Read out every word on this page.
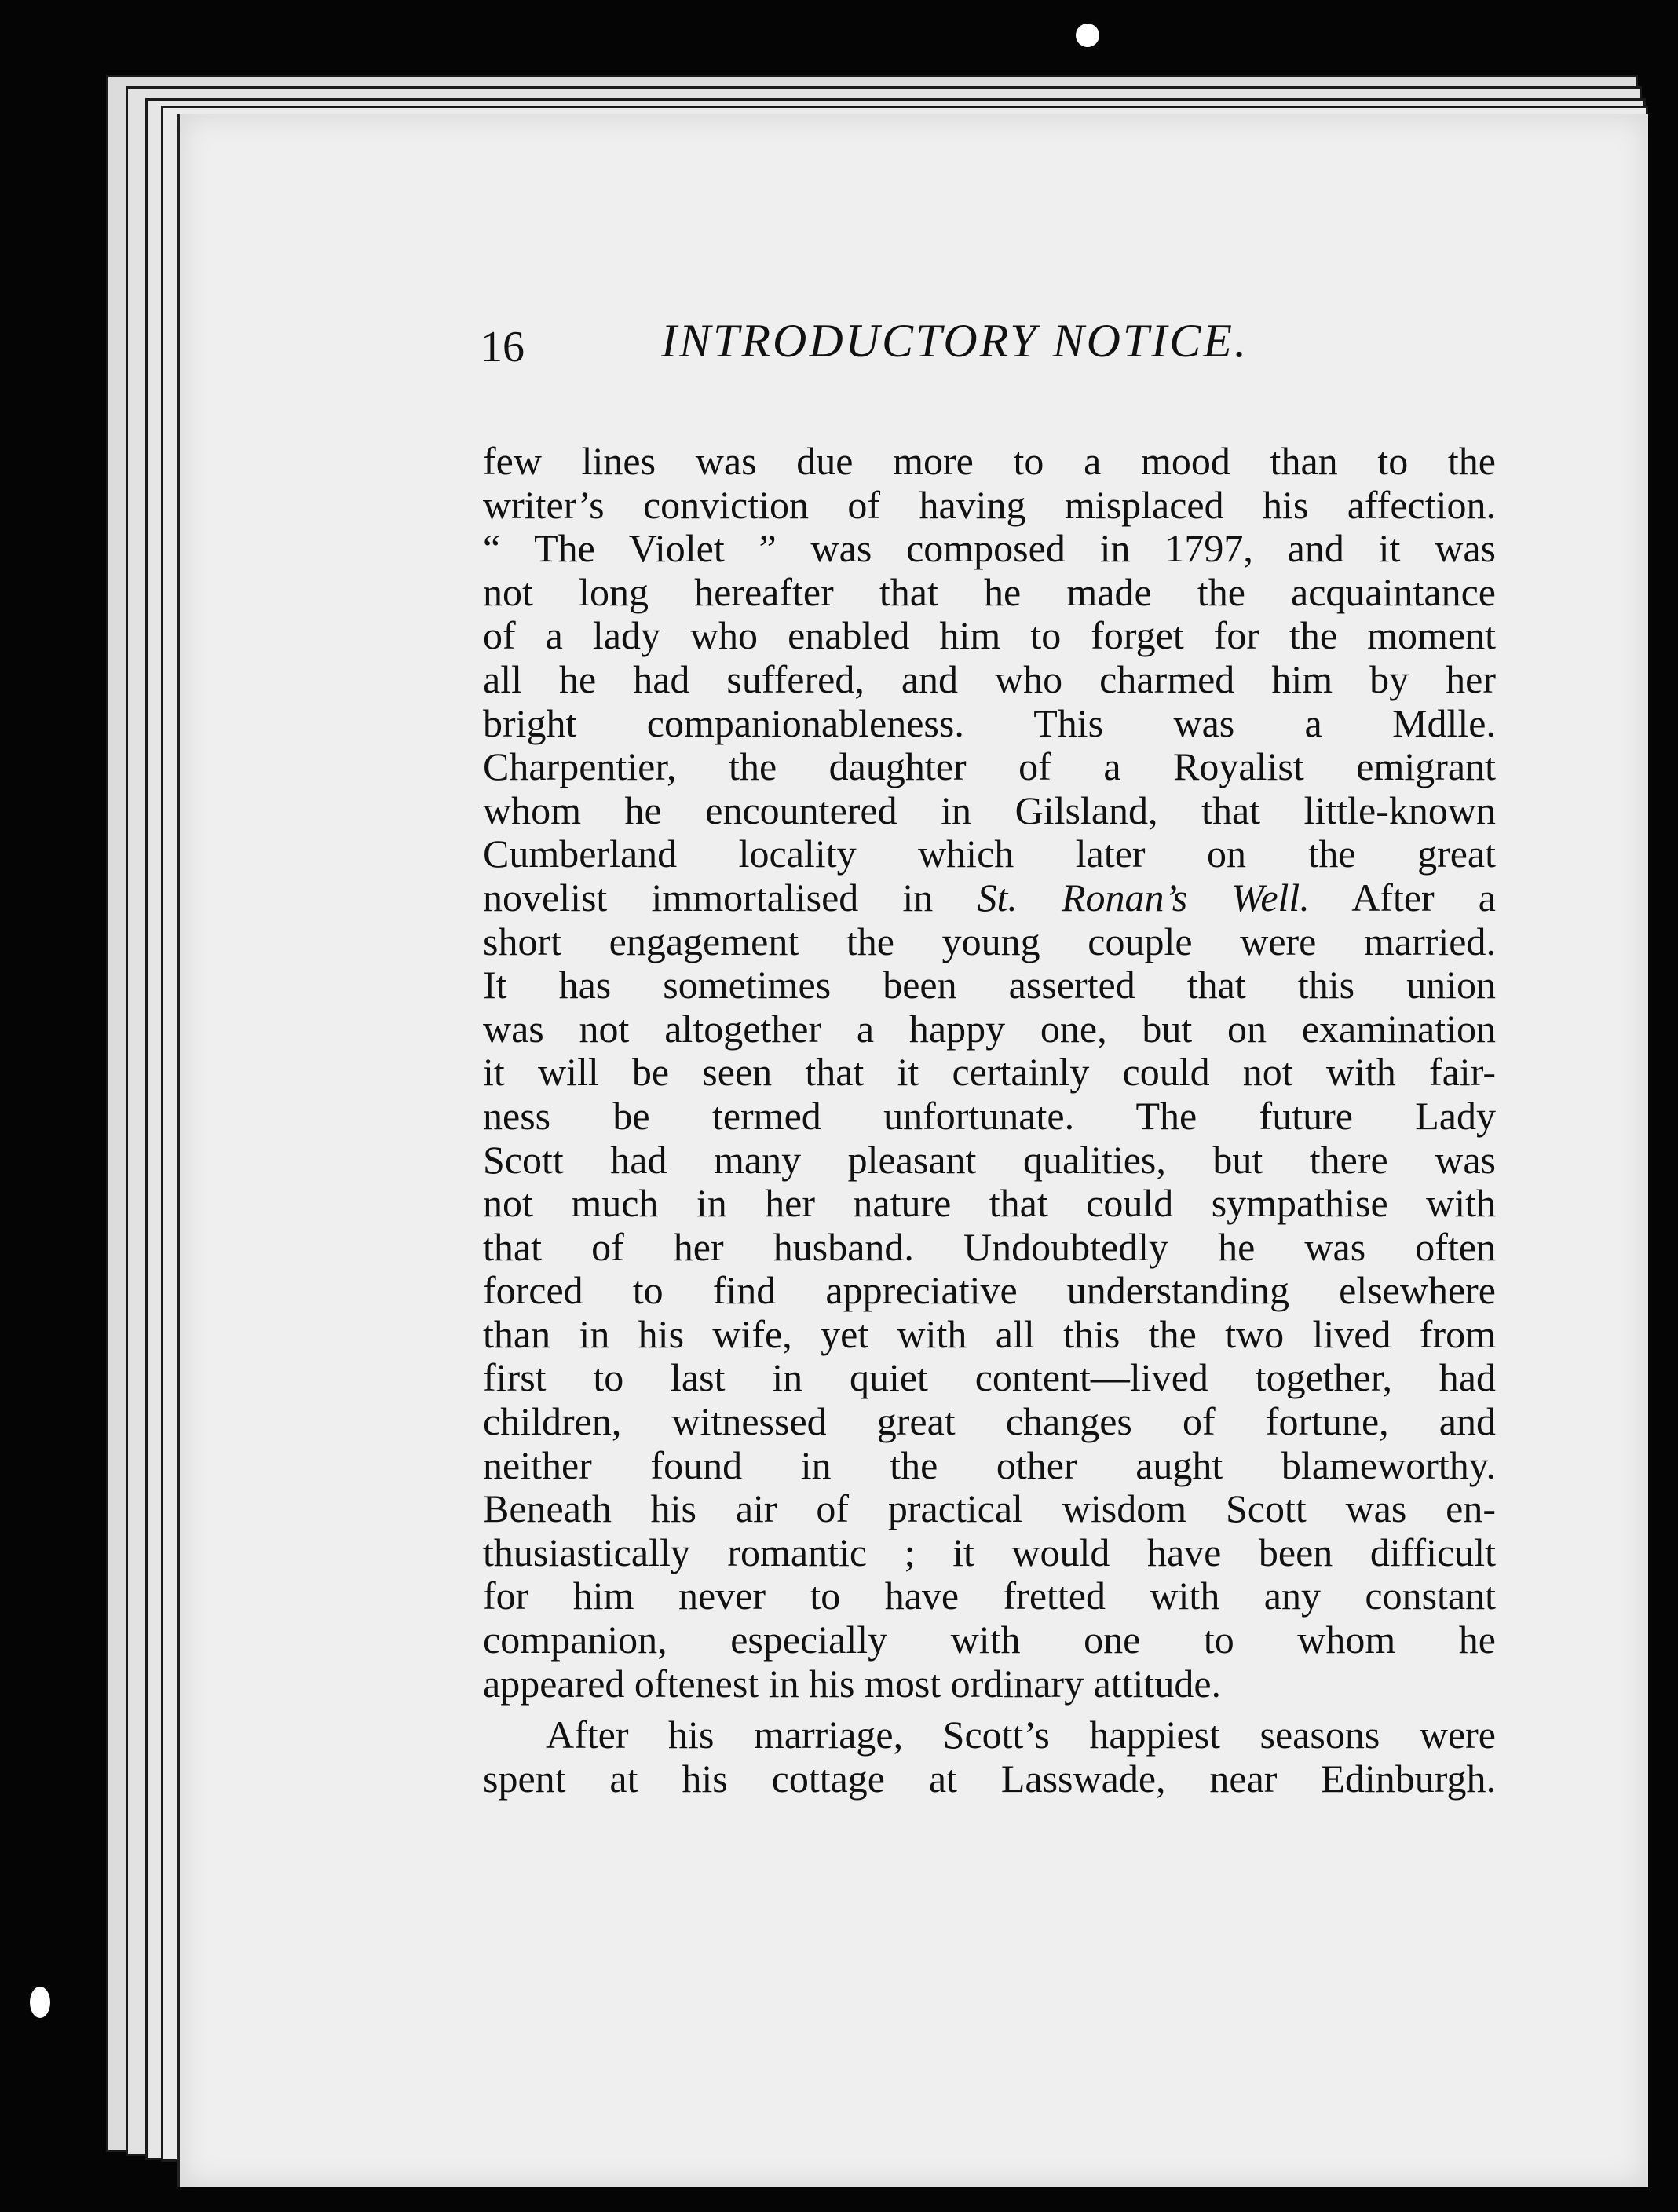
16	INTRODUCTORY NOTICE.
few lines was due more to a mood than to the
writer’s conviction of having misplaced his affection.
“ The Violet ” was composed in 1797, and it was
not long hereafter that he made the acquaintance
of a lady who enabled him to forget for the moment
all he had suffered, and who charmed him by her
bright companionableness. This was a Mdlle.
Charpentier, the daughter of a Royalist emigrant
whom he encountered in Gilsland, that little-known
Cumberland locality which later on the great
novelist immortalised in St. Ronan’s Well. After a
short engagement the young couple were married.
It has sometimes been asserted that this union
was not altogether a happy one, but on examination
it will be seen that it certainly could not with fair-
ness be termed unfortunate. The future Lady
Scott had many pleasant qualities, but there was
not much in her nature that could sympathise with
that of her husband. Undoubtedly he was often
forced to find appreciative understanding elsewhere
than in his wife, yet with all this the two lived from
first to last in quiet content—lived together, had
children, witnessed great changes of fortune, and
neither found in the other aught blameworthy.
Beneath his air of practical wisdom Scott was en-
thusiastically romantic ; it would have been difficult
for him never to have fretted with any constant
companion, especially with one to whom he
appeared oftenest in his most ordinary attitude.
After his marriage, Scott’s happiest seasons were
spent at his cottage at Lasswade, near Edinburgh.
